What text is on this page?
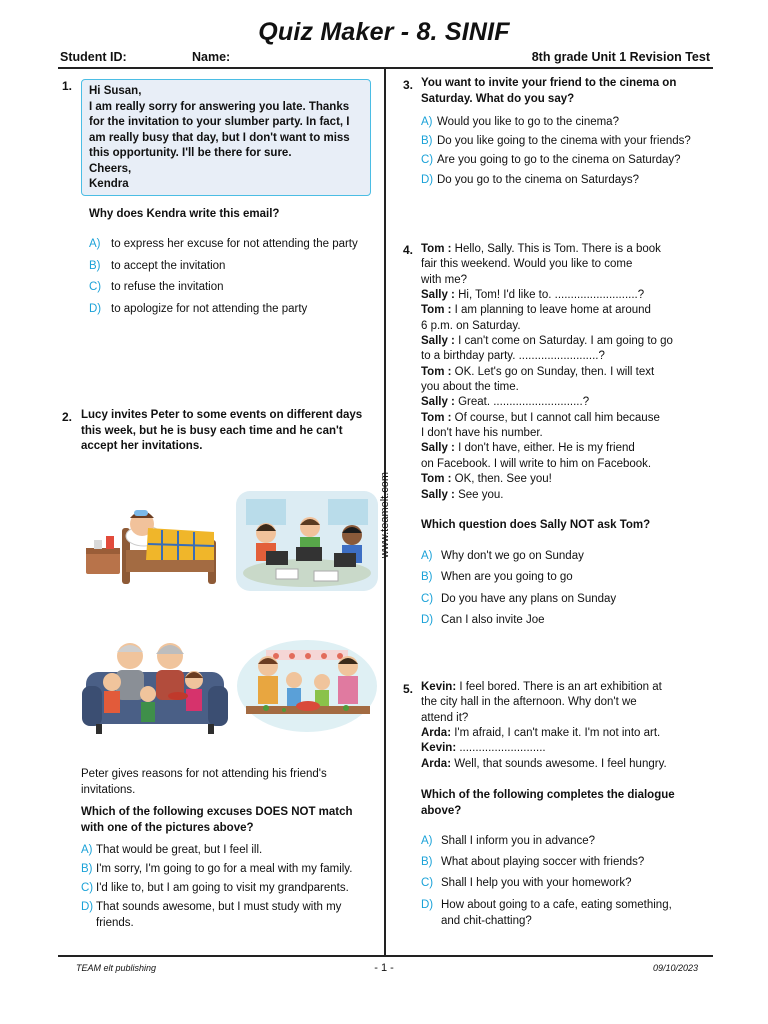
Quiz Maker - 8. SINIF
Student ID:	Name:	8th grade Unit 1 Revision Test
www.teamelt.com
1. Hi Susan,
I am really sorry for answering you late. Thanks
for the invitation to your slumber party. In fact, I
am really busy that day, but I don't want to miss
this opportunity. I'll be there for sure.
Cheers,
Kendra
Why does Kendra write this email?
A) to express her excuse for not attending the party
B) to accept the invitation
C) to refuse the invitation
D) to apologize for not attending the party
2. Lucy invites Peter to some events on different days
this week, but he is busy each time and he can't
accept her invitations.
Peter gives reasons for not attending his friend's
invitations.
Which of the following excuses DOES NOT match
with one of the pictures above?
A) That would be great, but I feel ill.
B) I'm sorry, I'm going to go for a meal with my family.
C) I'd like to, but I am going to visit my grandparents.
D) That sounds awesome, but I must study with my
friends.
3. You want to invite your friend to the cinema on
Saturday. What do you say?
A) Would you like to go to the cinema?
B) Do you like going to the cinema with your friends?
C) Are you going to go to the cinema on Saturday?
D) Do you go to the cinema on Saturdays?
4. Tom : Hello, Sally. This is Tom. There is a book
fair this weekend. Would you like to come
with me?
Sally : Hi, Tom! I'd like to. ..........................?
Tom : I am planning to leave home at around
6 p.m. on Saturday.
Sally : I can't come on Saturday. I am going to go
to a birthday party. .........................?
Tom : OK. Let's go on Sunday, then. I will text
you about the time.
Sally : Great. ............................?
Tom : Of course, but I cannot call him because
I don't have his number.
Sally : I don't have, either. He is my friend
on Facebook. I will write to him on Facebook.
Tom : OK, then. See you!
Sally : See you.
Which question does Sally NOT ask Tom?
A) Why don't we go on Sunday
B) When are you going to go
C) Do you have any plans on Sunday
D) Can I also invite Joe
5. Kevin: I feel bored. There is an art exhibition at
the city hall in the afternoon. Why don't we
attend it?
Arda: I'm afraid, I can't make it. I'm not into art.
Kevin: ...........................
Arda: Well, that sounds awesome. I feel hungry.
Which of the following completes the dialogue
above?
A) Shall I inform you in advance?
B) What about playing soccer with friends?
C) Shall I help you with your homework?
D) How about going to a cafe, eating something,
and chit-chatting?
TEAM elt publishing	- 1 -	09/10/2023
